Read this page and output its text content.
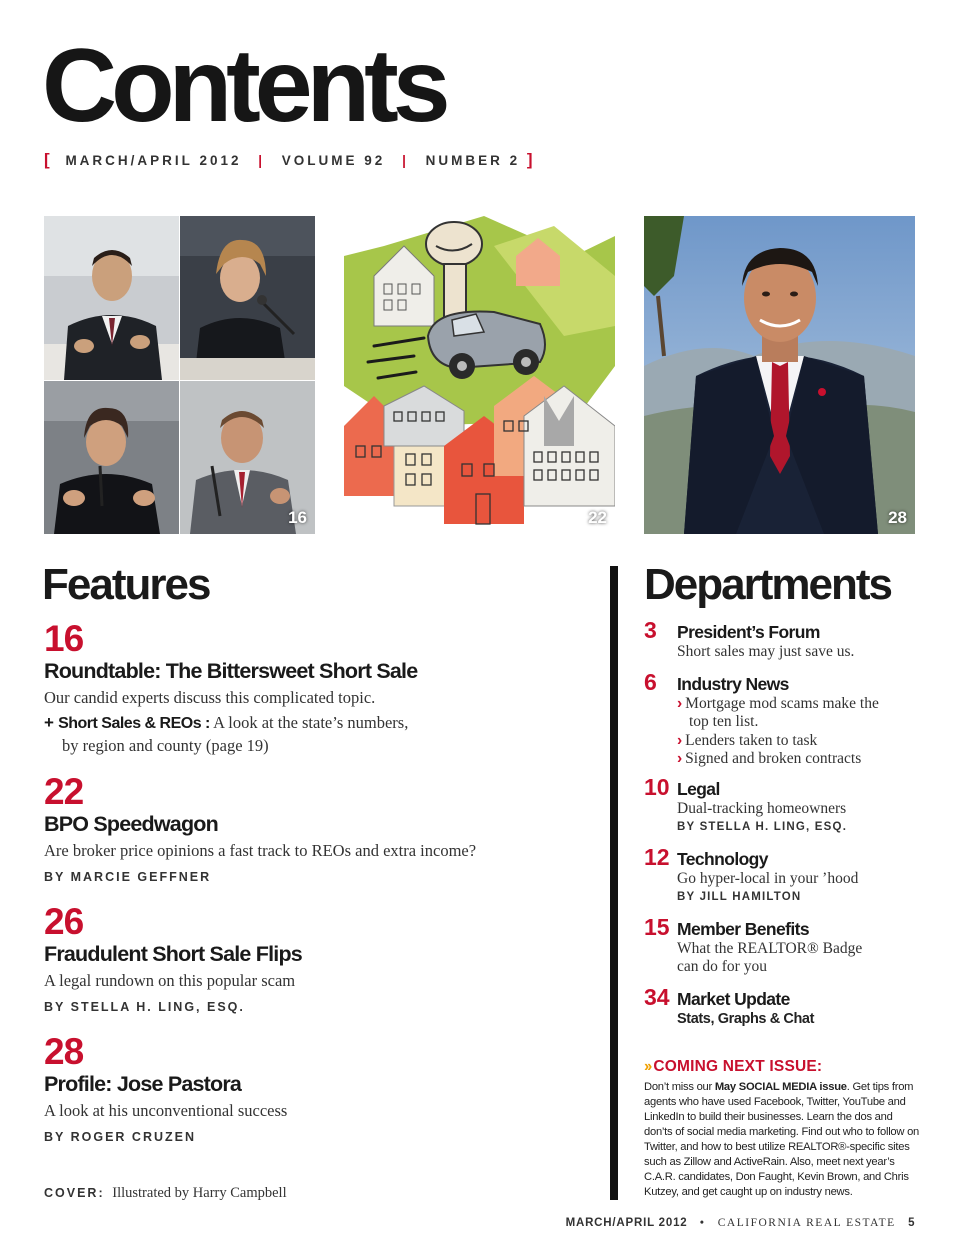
Contents
[ MARCH/APRIL 2012 | VOLUME 92 | NUMBER 2 ]
16	22	28
Features
16
Roundtable: The Bittersweet Short Sale
Our candid experts discuss this complicated topic.
+ Short Sales & REOs : A look at the state’s numbers,
by region and county (page 19)
22
BPO Speedwagon
Are broker price opinions a fast track to REOs and extra income?
BY MARCIE GEFFNER
26
Fraudulent Short Sale Flips
A legal rundown on this popular scam
BY STELLA H. LING, ESQ.
28
Profile: Jose Pastora
A look at his unconventional success
BY ROGER CRUZEN
COVER: Illustrated by Harry Campbell
Departments
3 President’s Forum
Short sales may just save us.
6 Industry News
› Mortgage mod scams make the
top ten list.
› Lenders taken to task
› Signed and broken contracts
10 Legal
Dual-tracking homeowners
BY STELLA H. LING, ESQ.
12 Technology
Go hyper-local in your ’hood
BY JILL HAMILTON
15 Member Benefits
What the REALTOR® Badge
can do for you
34 Market Update
Stats, Graphs & Chat
›› COMING NEXT ISSUE:
Don’t miss our May SOCIAL MEDIA issue. Get tips from agents who have used Facebook, Twitter, YouTube and LinkedIn to build their businesses. Learn the dos and don’ts of social media marketing. Find out who to follow on Twitter, and how to best utilize REALTOR®-specific sites such as Zillow and ActiveRain. Also, meet next year’s C.A.R. candidates, Don Faught, Kevin Brown, and Chris Kutzey, and get caught up on industry news.
MARCH/APRIL 2012 • CALIFORNIA REAL ESTATE 5
